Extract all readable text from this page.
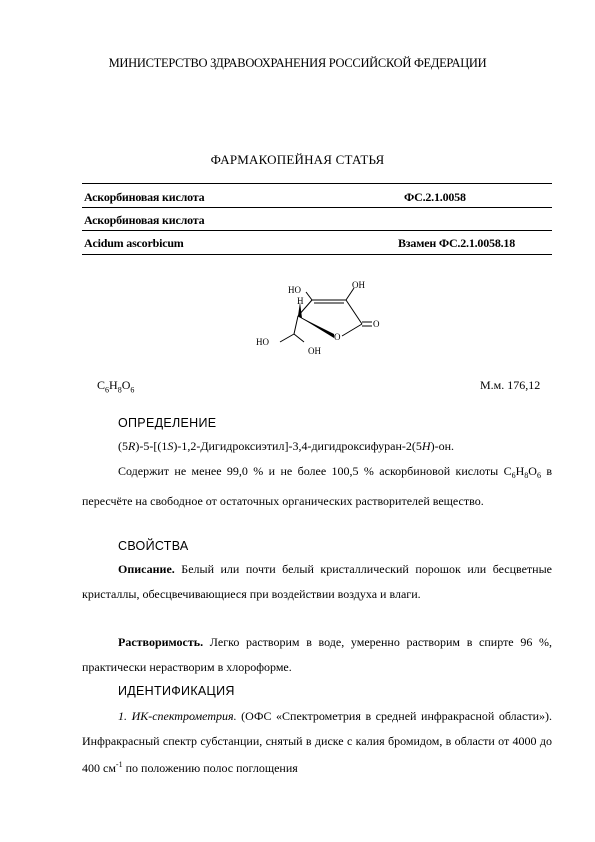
МИНИСТЕРСТВО ЗДРАВООХРАНЕНИЯ РОССИЙСКОЙ ФЕДЕРАЦИИ
ФАРМАКОПЕЙНАЯ СТАТЬЯ
Аскорбиновая кислота	ФС.2.1.0058
Аскорбиновая кислота
Acidum ascorbicum	Взамен ФС.2.1.0058.18
HO
H
OH
O
O
HO
OH
$C_6H_8O_6$	М.м. 176,12
ОПРЕДЕЛЕНИЕ
(5R)-5-[(1S)-1,2-Дигидроксиэтил]-3,4-дигидроксифуран-2(5H)-он.
Содержит не менее 99,0 % и не более 100,5 % аскорбиновой кислоты $C_6H_8O_6$ в пересчёте на свободное от остаточных органических растворителей вещество.
СВОЙСТВА
Описание. Белый или почти белый кристаллический порошок или бесцветные кристаллы, обесцвечивающиеся при воздействии воздуха и влаги.
Растворимость. Легко растворим в воде, умеренно растворим в спирте 96 %, практически нерастворим в хлороформе.
ИДЕНТИФИКАЦИЯ
1. ИК-спектрометрия. (ОФС «Спектрометрия в средней инфракрасной области»). Инфракрасный спектр субстанции, снятый в диске с калия бромидом, в области от 4000 до 400 $см^{-1}$ по положению полос поглощения
